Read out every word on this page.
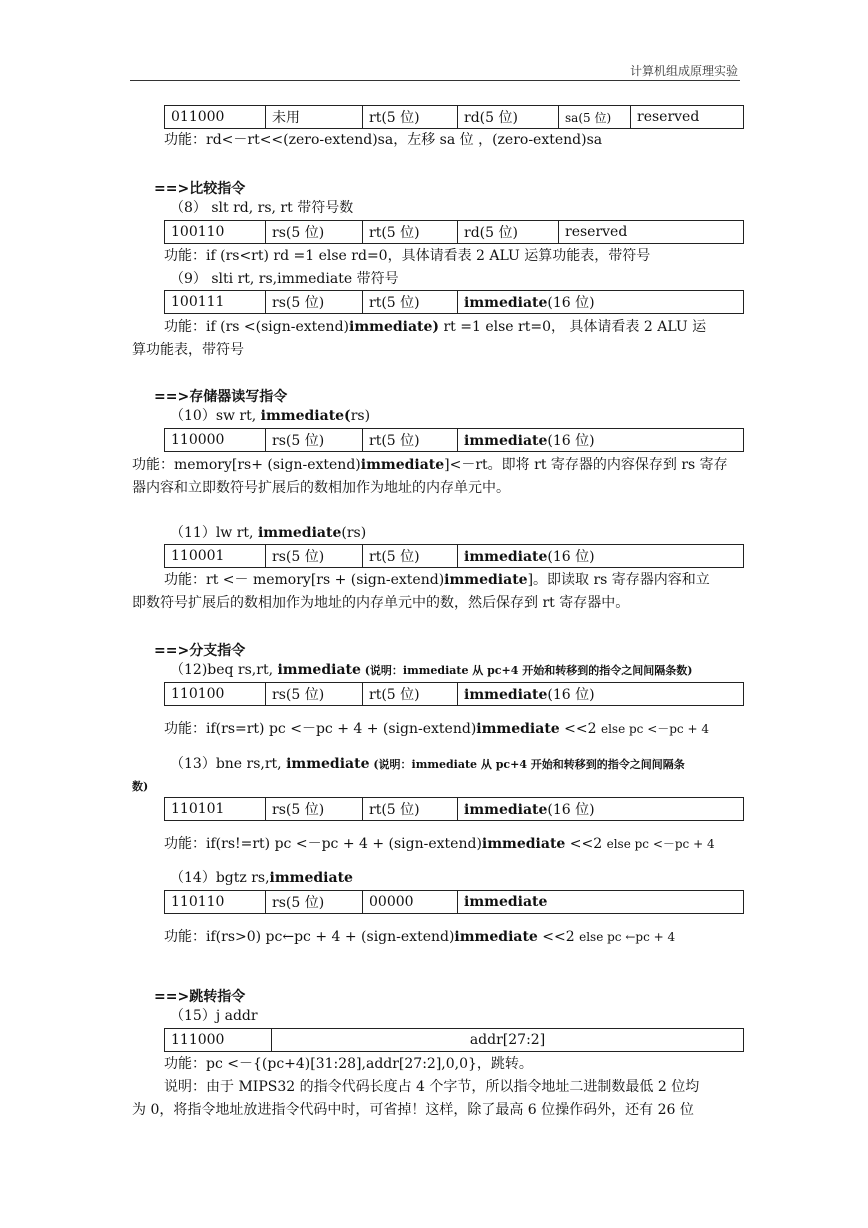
计算机组成原理实验
011000	未用	rt(5 位)	rd(5 位)	sa(5 位)	reserved
功能：rd<－rt<<(zero-extend)sa，左移 sa 位 ，(zero-extend)sa
==>比较指令
（8） slt rd, rs, rt 带符号数
100110	rs(5 位)	rt(5 位)	rd(5 位)	reserved
功能：if (rs<rt) rd =1 else rd=0，具体请看表 2 ALU 运算功能表，带符号
（9） slti rt, rs,immediate 带符号
100111	rs(5 位)	rt(5 位)	immediate(16 位)
功能：if (rs <(sign-extend)immediate) rt =1 else rt=0， 具体请看表 2 ALU 运
算功能表，带符号
==>存储器读写指令
（10）sw rt, immediate(rs)
110000	rs(5 位)	rt(5 位)	immediate(16 位)
功能：memory[rs+ (sign-extend)immediate]<－rt。即将 rt 寄存器的内容保存到 rs 寄存
器内容和立即数符号扩展后的数相加作为地址的内存单元中。
（11）lw rt, immediate(rs)
110001	rs(5 位)	rt(5 位)	immediate(16 位)
功能：rt <－ memory[rs + (sign-extend)immediate]。即读取 rs 寄存器内容和立
即数符号扩展后的数相加作为地址的内存单元中的数，然后保存到 rt 寄存器中。
==>分支指令
（12)beq rs,rt, immediate (说明：immediate 从 pc+4 开始和转移到的指令之间间隔条数)
110100	rs(5 位)	rt(5 位)	immediate(16 位)
功能：if(rs=rt) pc <－pc + 4 + (sign-extend)immediate <<2 else pc <－pc + 4
（13）bne rs,rt, immediate (说明：immediate 从 pc+4 开始和转移到的指令之间间隔条
数)
110101	rs(5 位)	rt(5 位)	immediate(16 位)
功能：if(rs!=rt) pc <－pc + 4 + (sign-extend)immediate <<2 else pc <－pc + 4
（14）bgtz rs,immediate
110110	rs(5 位)	00000	immediate
功能：if(rs>0) pc←pc + 4 + (sign-extend)immediate <<2 else pc ←pc + 4
==>跳转指令
（15）j addr
111000	addr[27:2]
功能：pc <－{(pc+4)[31:28],addr[27:2],0,0}，跳转。
说明：由于 MIPS32 的指令代码长度占 4 个字节，所以指令地址二进制数最低 2 位均
为 0，将指令地址放进指令代码中时，可省掉！这样，除了最高 6 位操作码外，还有 26 位
